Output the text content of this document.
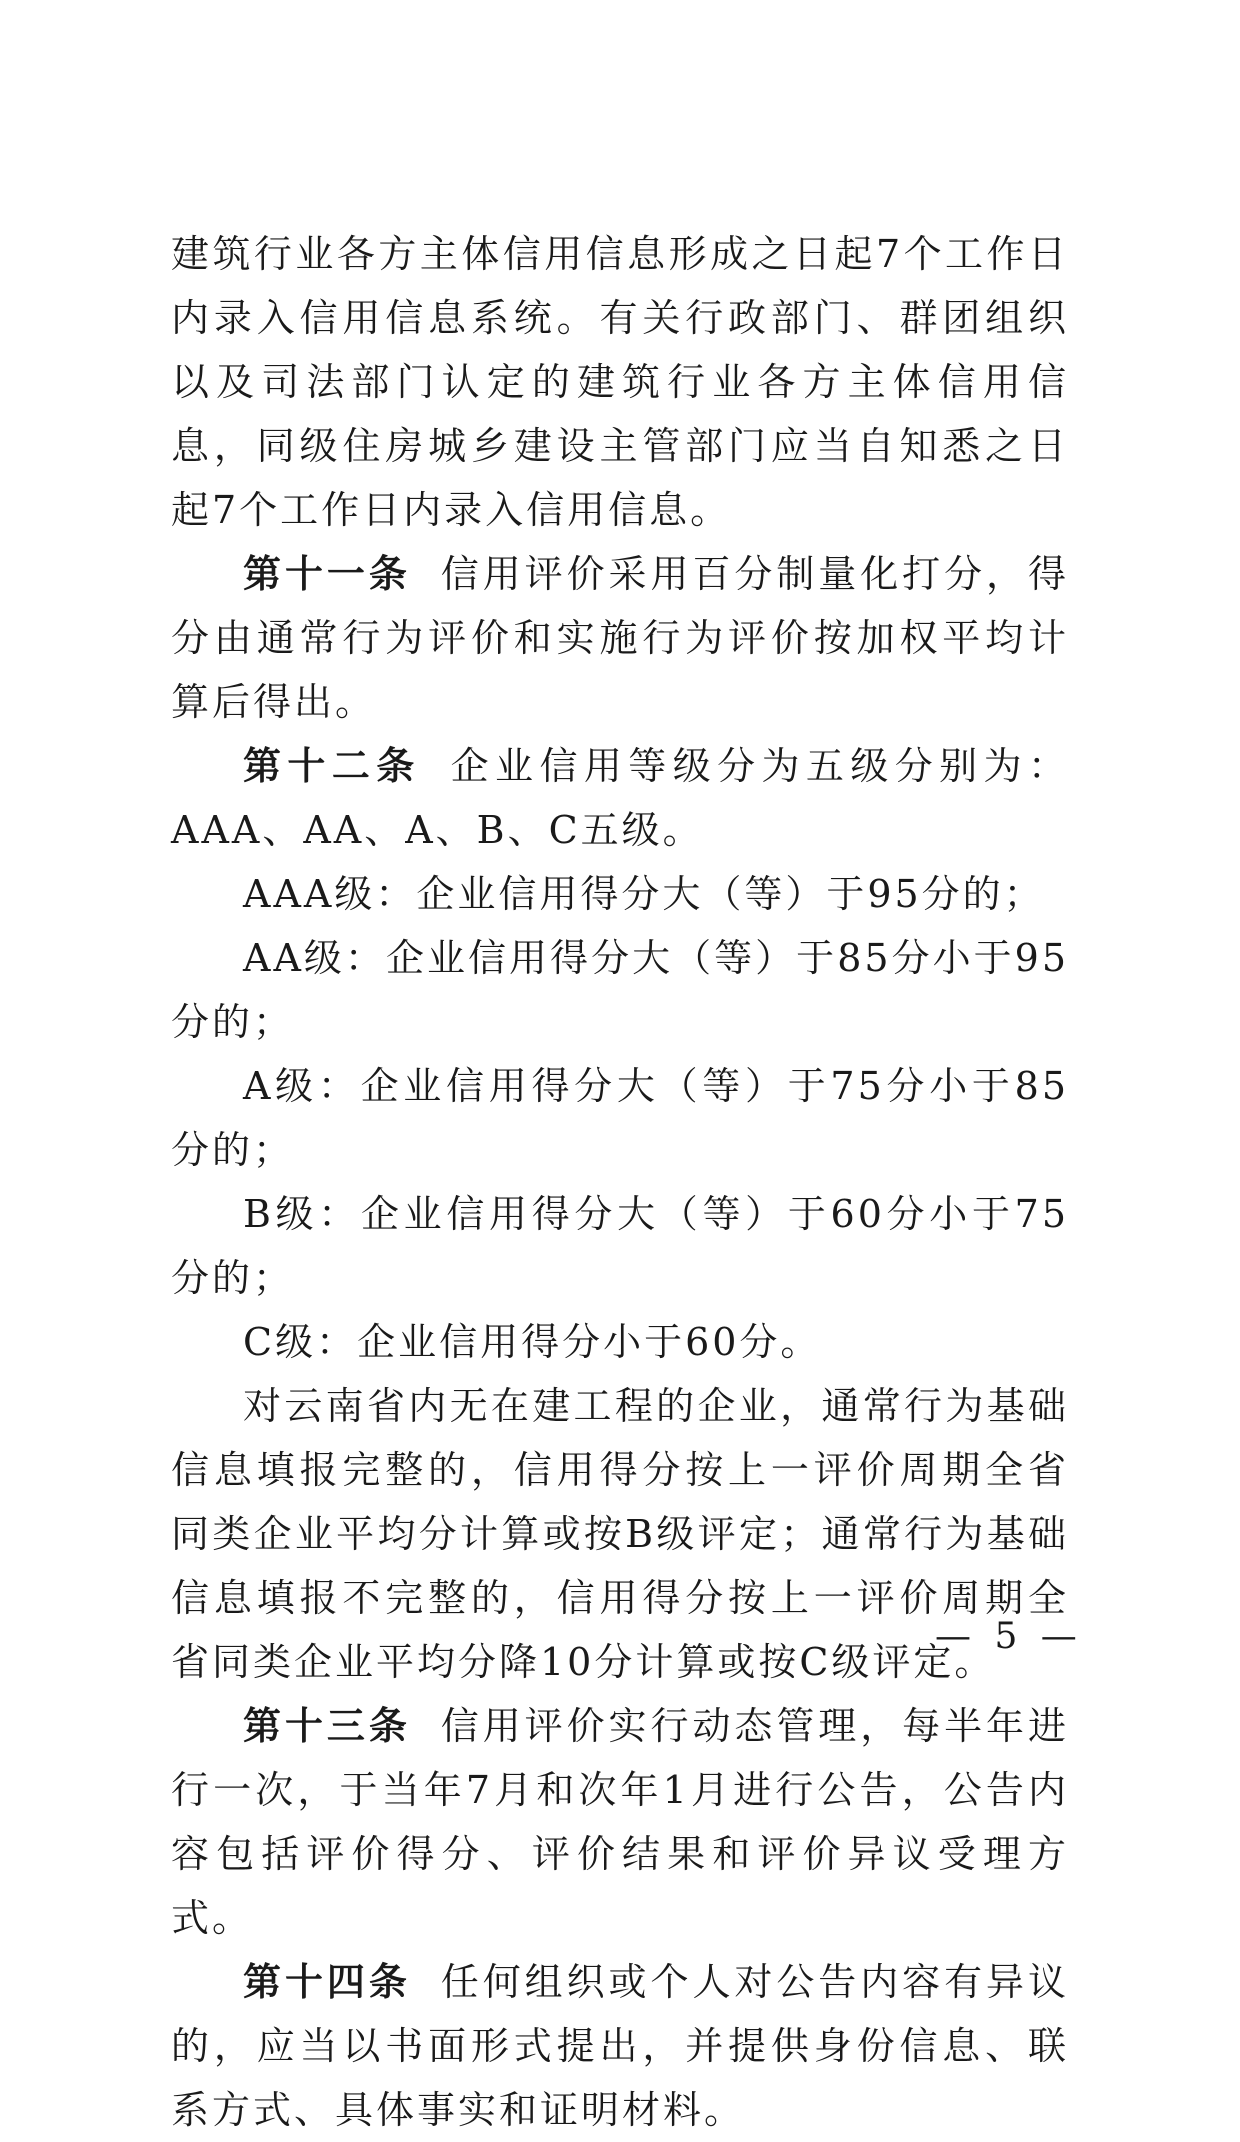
建筑行业各方主体信用信息形成之日起7个工作日内录入信用信息系统。有关行政部门、群团组织以及司法部门认定的建筑行业各方主体信用信息，同级住房城乡建设主管部门应当自知悉之日起7个工作日内录入信用信息。

第十一条 信用评价采用百分制量化打分，得分由通常行为评价和实施行为评价按加权平均计算后得出。

第十二条 企业信用等级分为五级分别为：AAA、AA、A、B、C五级。

AAA级：企业信用得分大（等）于95分的；

AA级：企业信用得分大（等）于85分小于95分的；

A级：企业信用得分大（等）于75分小于85分的；

B级：企业信用得分大（等）于60分小于75分的；

C级：企业信用得分小于60分。

对云南省内无在建工程的企业，通常行为基础信息填报完整的，信用得分按上一评价周期全省同类企业平均分计算或按B级评定；通常行为基础信息填报不完整的，信用得分按上一评价周期全省同类企业平均分降10分计算或按C级评定。

第十三条 信用评价实行动态管理，每半年进行一次，于当年7月和次年1月进行公告，公告内容包括评价得分、评价结果和评价异议受理方式。

第十四条 任何组织或个人对公告内容有异议的，应当以书面形式提出，并提供身份信息、联系方式、具体事实和证明材料。

— 5 —
